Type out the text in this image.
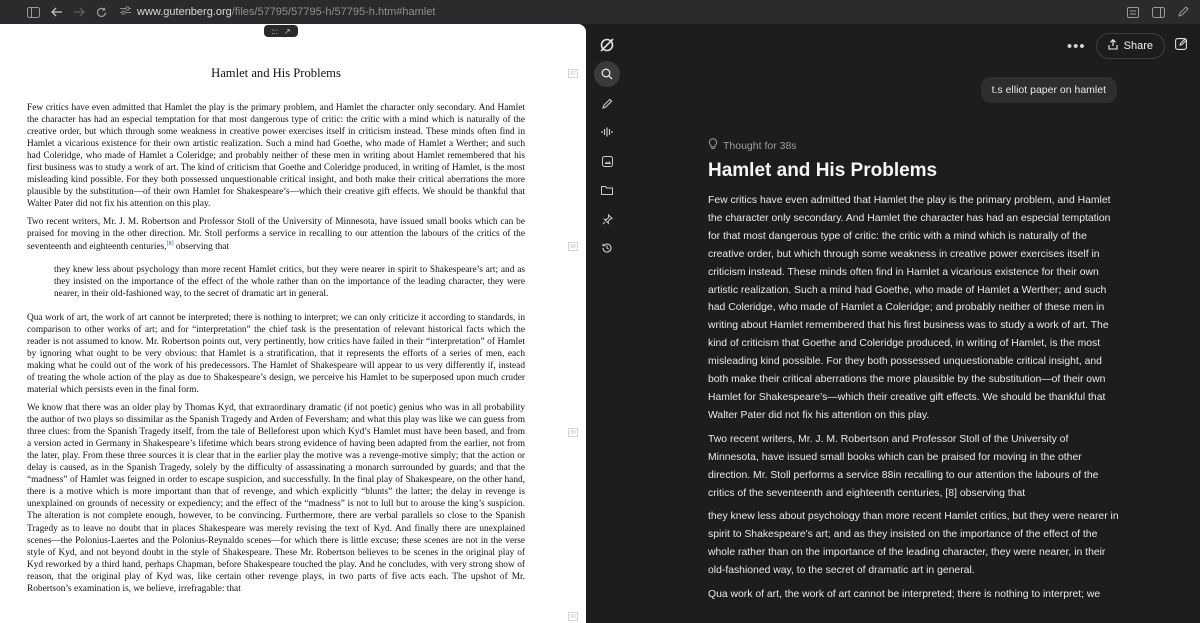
www.gutenberg.org/files/57795/57795-h/57795-h.htm#hamlet
::: ↗
87
88
89
90
Hamlet and His Problems

Few critics have even admitted that Hamlet the play is the primary problem, and Hamlet the character only secondary. And Hamlet the character has had an especial temptation for that most dangerous type of critic: the critic with a mind which is naturally of the creative order, but which through some weakness in creative power exercises itself in criticism instead. These minds often find in Hamlet a vicarious existence for their own artistic realization. Such a mind had Goethe, who made of Hamlet a Werther; and such had Coleridge, who made of Hamlet a Coleridge; and probably neither of these men in writing about Hamlet remembered that his first business was to study a work of art. The kind of criticism that Goethe and Coleridge produced, in writing of Hamlet, is the most misleading kind possible. For they both possessed unquestionable critical insight, and both make their critical aberrations the more plausible by the substitution—of their own Hamlet for Shakespeare’s—which their creative gift effects. We should be thankful that Walter Pater did not fix his attention on this play.

Two recent writers, Mr. J. M. Robertson and Professor Stoll of the University of Minnesota, have issued small books which can be praised for moving in the other direction. Mr. Stoll performs a service in recalling to our attention the labours of the critics of the seventeenth and eighteenth centuries,[8] observing that

they knew less about psychology than more recent Hamlet critics, but they were nearer in spirit to Shakespeare’s art; and as they insisted on the importance of the effect of the whole rather than on the importance of the leading character, they were nearer, in their old-fashioned way, to the secret of dramatic art in general.

Qua work of art, the work of art cannot be interpreted; there is nothing to interpret; we can only criticize it according to standards, in comparison to other works of art; and for “interpretation” the chief task is the presentation of relevant historical facts which the reader is not assumed to know. Mr. Robertson points out, very pertinently, how critics have failed in their “interpretation” of Hamlet by ignoring what ought to be very obvious: that Hamlet is a stratification, that it represents the efforts of a series of men, each making what he could out of the work of his predecessors. The Hamlet of Shakespeare will appear to us very differently if, instead of treating the whole action of the play as due to Shakespeare’s design, we perceive his Hamlet to be superposed upon much cruder material which persists even in the final form.

We know that there was an older play by Thomas Kyd, that extraordinary dramatic (if not poetic) genius who was in all probability the author of two plays so dissimilar as the Spanish Tragedy and Arden of Feversham; and what this play was like we can guess from three clues: from the Spanish Tragedy itself, from the tale of Belleforest upon which Kyd’s Hamlet must have been based, and from a version acted in Germany in Shakespeare’s lifetime which bears strong evidence of having been adapted from the earlier, not from the later, play. From these three sources it is clear that in the earlier play the motive was a revenge-motive simply; that the action or delay is caused, as in the Spanish Tragedy, solely by the difficulty of assassinating a monarch surrounded by guards; and that the “madness” of Hamlet was feigned in order to escape suspicion, and successfully. In the final play of Shakespeare, on the other hand, there is a motive which is more important than that of revenge, and which explicitly “blunts” the latter; the delay in revenge is unexplained on grounds of necessity or expediency; and the effect of the “madness” is not to lull but to arouse the king’s suspicion. The alteration is not complete enough, however, to be convincing. Furthermore, there are verbal parallels so close to the Spanish Tragedy as to leave no doubt that in places Shakespeare was merely revising the text of Kyd. And finally there are unexplained scenes—the Polonius-Laertes and the Polonius-Reynaldo scenes—for which there is little excuse; these scenes are not in the verse style of Kyd, and not beyond doubt in the style of Shakespeare. These Mr. Robertson believes to be scenes in the original play of Kyd reworked by a third hand, perhaps Chapman, before Shakespeare touched the play. And he concludes, with very strong show of reason, that the original play of Kyd was, like certain other revenge plays, in two parts of five acts each. The upshot of Mr. Robertson’s examination is, we believe, irrefragable: that

•••	Share
t.s elliot paper on hamlet
Thought for 38s
Hamlet and His Problems

Few critics have even admitted that Hamlet the play is the primary problem, and Hamlet the character only secondary. And Hamlet the character has had an especial temptation for that most dangerous type of critic: the critic with a mind which is naturally of the creative order, but which through some weakness in creative power exercises itself in criticism instead. These minds often find in Hamlet a vicarious existence for their own artistic realization. Such a mind had Goethe, who made of Hamlet a Werther; and such had Coleridge, who made of Hamlet a Coleridge; and probably neither of these men in writing about Hamlet remembered that his first business was to study a work of art. The kind of criticism that Goethe and Coleridge produced, in writing of Hamlet, is the most misleading kind possible. For they both possessed unquestionable critical insight, and both make their critical aberrations the more plausible by the substitution—of their own Hamlet for Shakespeare’s—which their creative gift effects. We should be thankful that Walter Pater did not fix his attention on this play.

Two recent writers, Mr. J. M. Robertson and Professor Stoll of the University of Minnesota, have issued small books which can be praised for moving in the other direction. Mr. Stoll performs a service 88in recalling to our attention the labours of the critics of the seventeenth and eighteenth centuries, [8] observing that

they knew less about psychology than more recent Hamlet critics, but they were nearer in spirit to Shakespeare's art; and as they insisted on the importance of the effect of the whole rather than on the importance of the leading character, they were nearer, in their old-fashioned way, to the secret of dramatic art in general.

Qua work of art, the work of art cannot be interpreted; there is nothing to interpret; we
